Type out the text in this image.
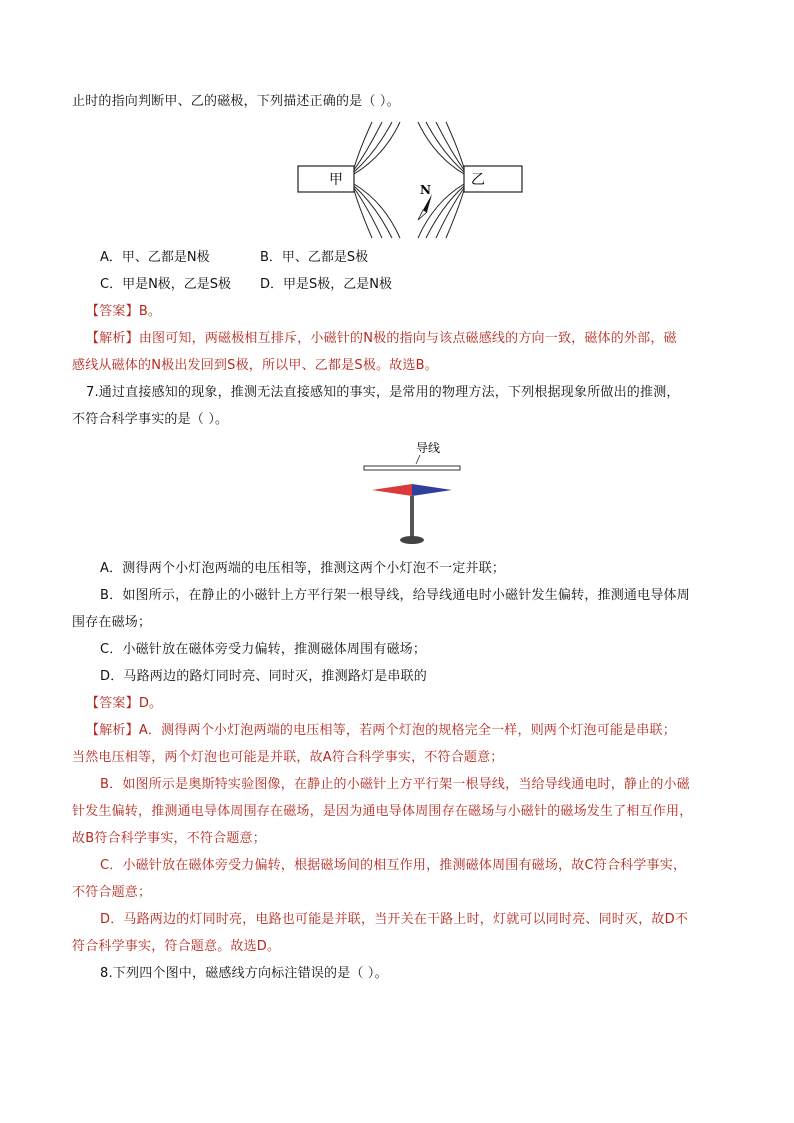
止时的指向判断甲、乙的磁极，下列描述正确的是（ ）。
甲	乙
N
A．甲、乙都是N极	B．甲、乙都是S极
C．甲是N极，乙是S极 D．甲是S极，乙是N极
【答案】B。
【解析】由图可知，两磁极相互排斥，小磁针的N极的指向与该点磁感线的方向一致，磁体的外部，磁
感线从磁体的N极出发回到S极，所以甲、乙都是S极。故选B。
7.通过直接感知的现象，推测无法直接感知的事实，是常用的物理方法，下列根据现象所做出的推测，
不符合科学事实的是（ ）。
导线
A．测得两个小灯泡两端的电压相等，推测这两个小灯泡不一定并联；
B．如图所示，在静止的小磁针上方平行架一根导线，给导线通电时小磁针发生偏转，推测通电导体周
围存在磁场；
C．小磁针放在磁体旁受力偏转，推测磁体周围有磁场；
D．马路两边的路灯同时亮、同时灭，推测路灯是串联的
【答案】D。
【解析】A．测得两个小灯泡两端的电压相等，若两个灯泡的规格完全一样，则两个灯泡可能是串联；
当然电压相等，两个灯泡也可能是并联，故A符合科学事实，不符合题意；
B．如图所示是奥斯特实验图像，在静止的小磁针上方平行架一根导线，当给导线通电时，静止的小磁
针发生偏转，推测通电导体周围存在磁场，是因为通电导体周围存在磁场与小磁针的磁场发生了相互作用，
故B符合科学事实，不符合题意；
C．小磁针放在磁体旁受力偏转，根据磁场间的相互作用，推测磁体周围有磁场，故C符合科学事实，
不符合题意；
D．马路两边的灯同时亮，电路也可能是并联，当开关在干路上时，灯就可以同时亮、同时灭，故D不
符合科学事实，符合题意。故选D。
8.下列四个图中，磁感线方向标注错误的是（ ）。
